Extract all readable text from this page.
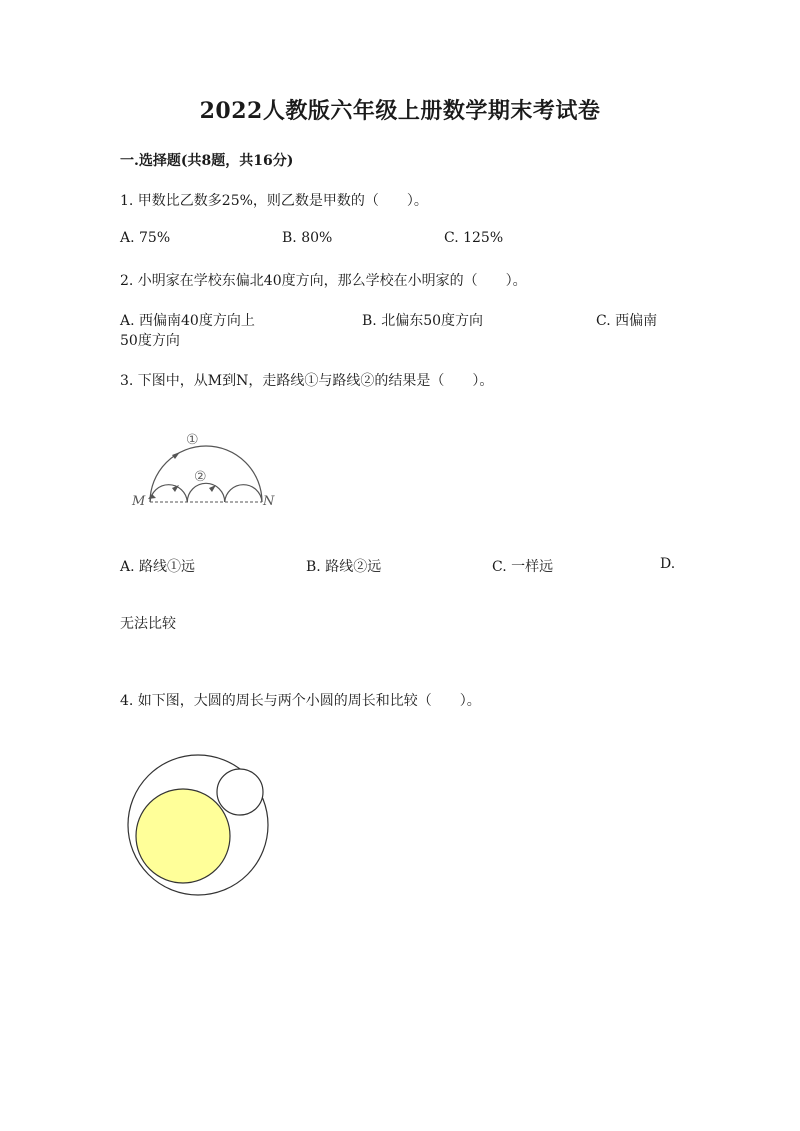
2022人教版六年级上册数学期末考试卷
一.选择题(共8题，共16分)
1. 甲数比乙数多25%，则乙数是甲数的（　　）。
A. 75%	B. 80%	C. 125%
2. 小明家在学校东偏北40度方向，那么学校在小明家的（　　）。
A. 西偏南40度方向上	B. 北偏东50度方向	C. 西偏南
50度方向
3. 下图中，从M到N，走路线①与路线②的结果是（　　）。
①
②
M	N
A. 路线①远	B. 路线②远	C. 一样远	D.
无法比较
4. 如下图，大圆的周长与两个小圆的周长和比较（　　）。
